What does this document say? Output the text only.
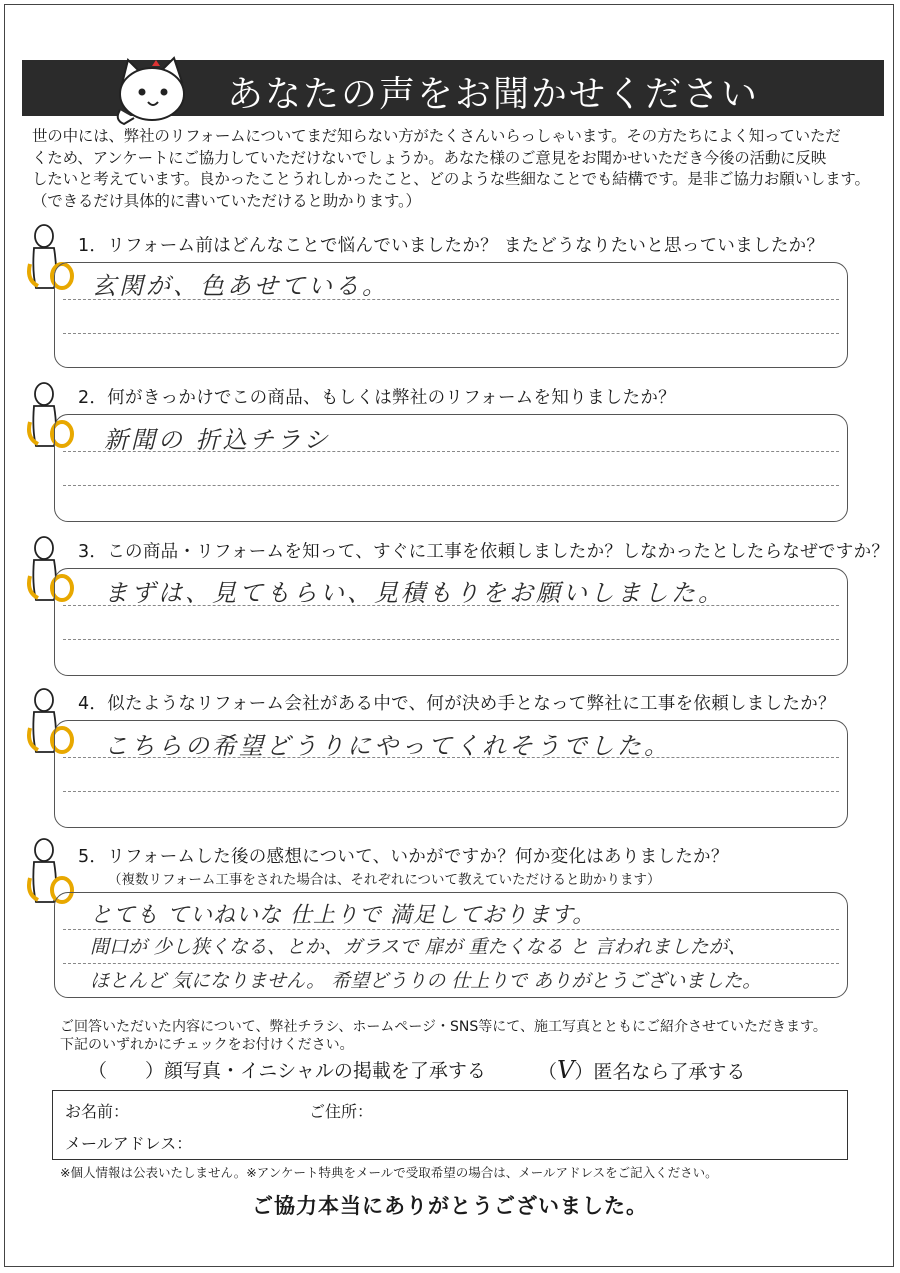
あなたの声をお聞かせください
世の中には、弊社のリフォームについてまだ知らない方がたくさんいらっしゃいます。その方たちによく知っていただ
くため、アンケートにご協力していただけないでしょうか。あなた様のご意見をお聞かせいただき今後の活動に反映
したいと考えています。良かったことうれしかったこと、どのような些細なことでも結構です。是非ご協力お願いします。
（できるだけ具体的に書いていただけると助かります。）
1．リフォーム前はどんなことで悩んでいましたか？ またどうなりたいと思っていましたか？
玄関が、色あせている。
2．何がきっかけでこの商品、もしくは弊社のリフォームを知りましたか？
新聞の 折込チラシ
3．この商品・リフォームを知って、すぐに工事を依頼しましたか？しなかったとしたらなぜですか？
まずは、見てもらい、見積もりをお願いしました。
4．似たようなリフォーム会社がある中で、何が決め手となって弊社に工事を依頼しましたか？
こちらの希望どうりにやってくれそうでした。
5．リフォームした後の感想について、いかがですか？何か変化はありましたか？
（複数リフォーム工事をされた場合は、それぞれについて教えていただけると助かります）
とても ていねいな 仕上りで 満足しております。
間口が 少し狭くなる、とか、ガラスで 扉が 重たくなる と 言われましたが、
ほとんど 気になりません。 希望どうりの 仕上りで ありがとうございました。
ご回答いただいた内容について、弊社チラシ、ホームページ・SNS等にて、施工写真とともにご紹介させていただきます。
下記のいずれかにチェックをお付けください。
（　　）顔写真・イニシャルの掲載を了承する	（V）匿名なら了承する
お名前：	ご住所：
メールアドレス：
※個人情報は公表いたしません。※アンケート特典をメールで受取希望の場合は、メールアドレスをご記入ください。
ご協力本当にありがとうございました。
